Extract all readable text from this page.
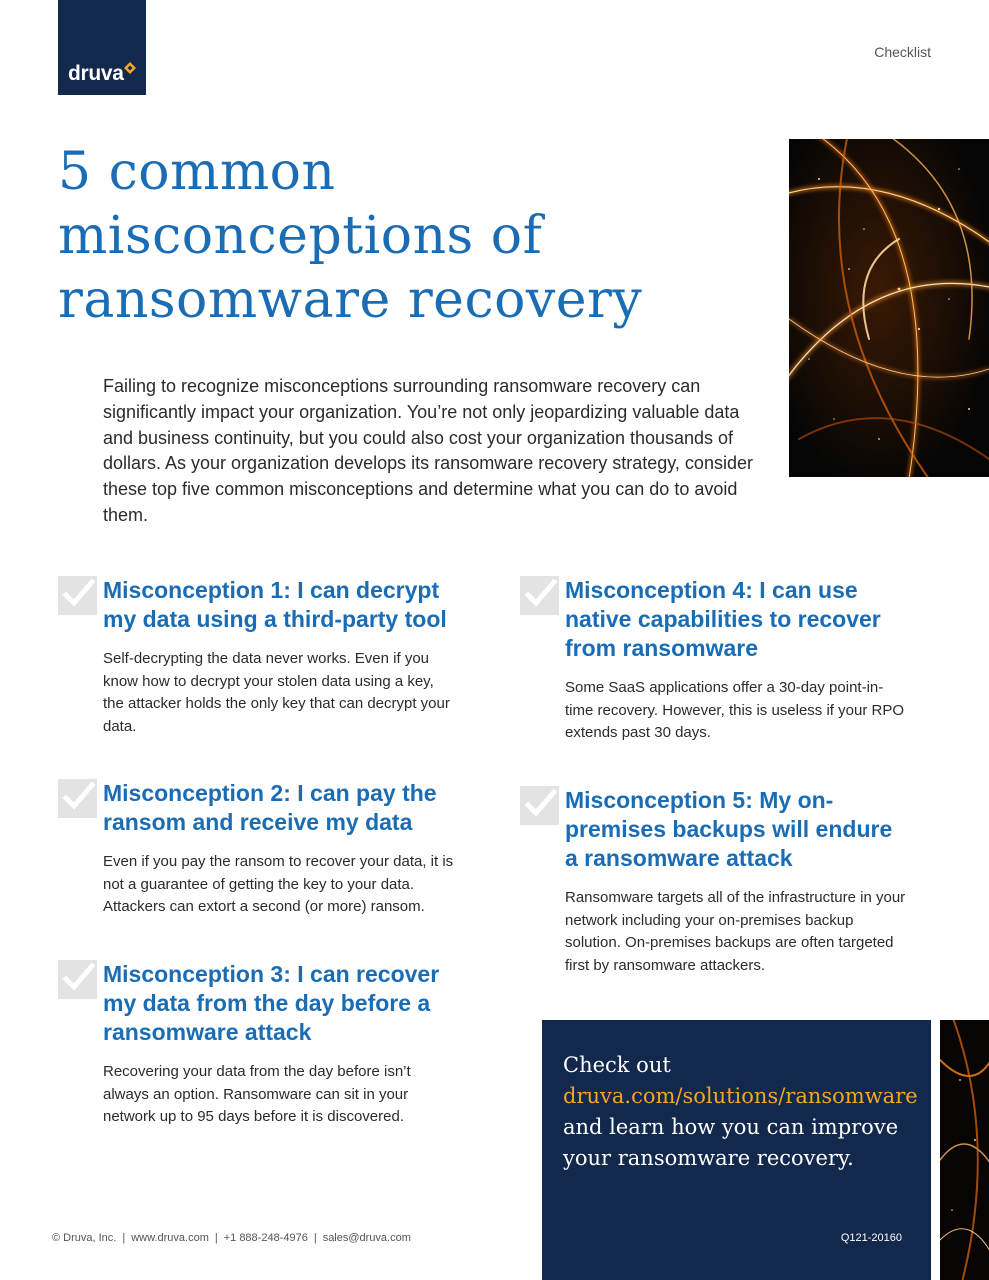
druva
Checklist
5 common
misconceptions of
ransomware recovery

Failing to recognize misconceptions surrounding ransomware recovery can significantly impact your organization. You’re not only jeopardizing valuable data and business continuity, but you could also cost your organization thousands of dollars. As your organization develops its ransomware recovery strategy, consider these top five common misconceptions and determine what you can do to avoid them.

Misconception 1: I can decrypt my data using a third-party tool

Self-decrypting the data never works. Even if you know how to decrypt your stolen data using a key, the attacker holds the only key that can decrypt your data.

Misconception 2: I can pay the ransom and receive my data

Even if you pay the ransom to recover your data, it is not a guarantee of getting the key to your data. Attackers can extort a second (or more) ransom.

Misconception 3: I can recover my data from the day before a ransomware attack

Recovering your data from the day before isn’t always an option. Ransomware can sit in your network up to 95 days before it is discovered.

Misconception 4: I can use native capabilities to recover from ransomware

Some SaaS applications offer a 30-day point-in-time recovery. However, this is useless if your RPO extends past 30 days.

Misconception 5: My on-premises backups will endure a ransomware attack

Ransomware targets all of the infrastructure in your network including your on-premises backup solution. On-premises backups are often targeted first by ransomware attackers.

Check out druva.com/solutions/ransomware and learn how you can improve your ransomware recovery.
Q121-20160
© Druva, Inc. | www.druva.com | +1 888-248-4976 | sales@druva.com
